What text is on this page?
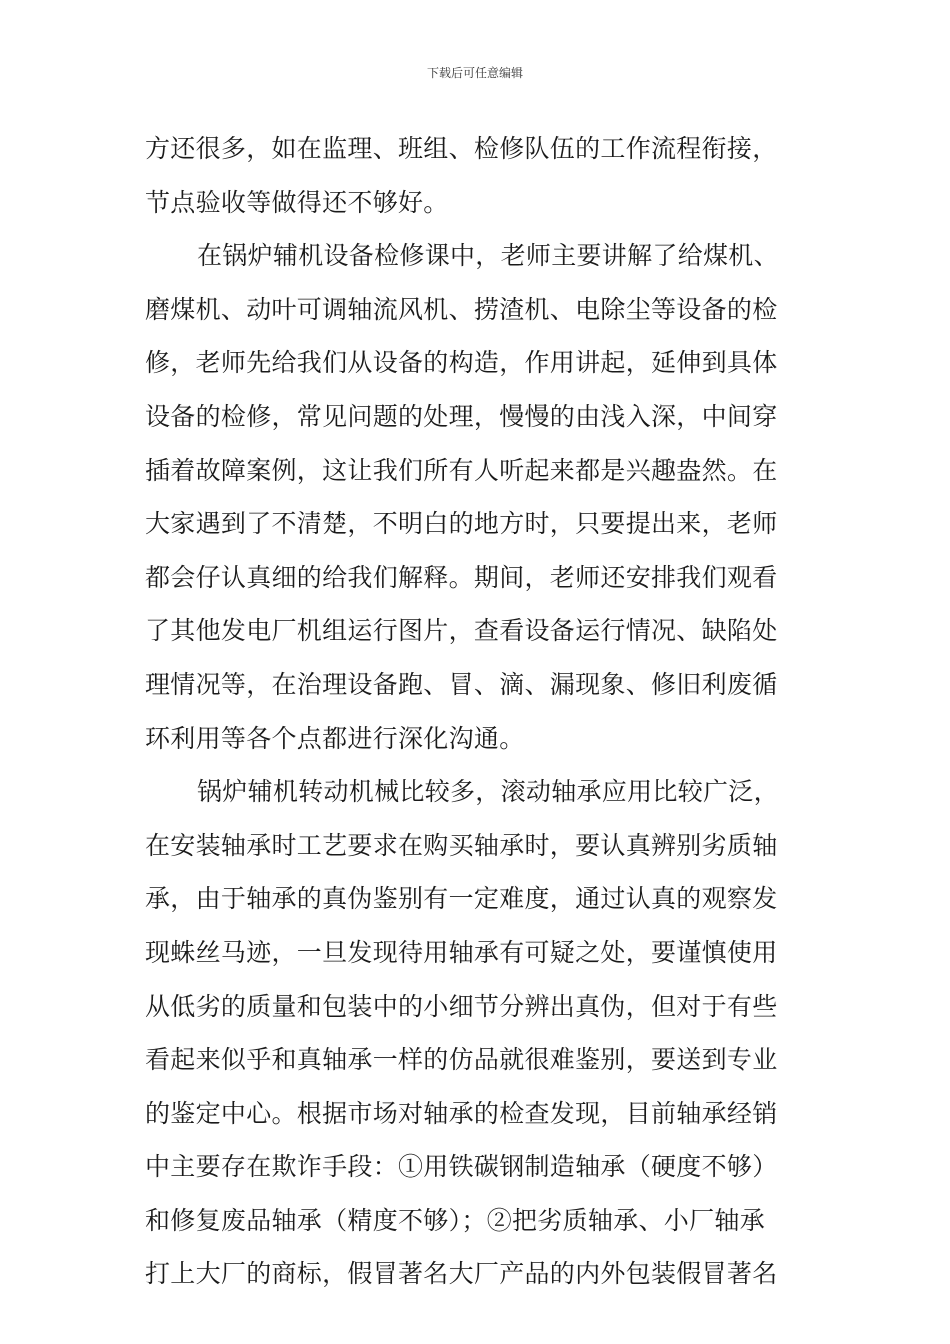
下载后可任意编辑
方还很多，如在监理、班组、检修队伍的工作流程衔接，
节点验收等做得还不够好。
在锅炉辅机设备检修课中，老师主要讲解了给煤机、
磨煤机、动叶可调轴流风机、捞渣机、电除尘等设备的检
修，老师先给我们从设备的构造，作用讲起，延伸到具体
设备的检修，常见问题的处理，慢慢的由浅入深，中间穿
插着故障案例，这让我们所有人听起来都是兴趣盎然。在
大家遇到了不清楚，不明白的地方时，只要提出来，老师
都会仔认真细的给我们解释。期间，老师还安排我们观看
了其他发电厂机组运行图片，查看设备运行情况、缺陷处
理情况等，在治理设备跑、冒、滴、漏现象、修旧利废循
环利用等各个点都进行深化沟通。
锅炉辅机转动机械比较多，滚动轴承应用比较广泛，
在安装轴承时工艺要求在购买轴承时，要认真辨别劣质轴
承，由于轴承的真伪鉴别有一定难度，通过认真的观察发
现蛛丝马迹，一旦发现待用轴承有可疑之处，要谨慎使用
从低劣的质量和包装中的小细节分辨出真伪，但对于有些
看起来似乎和真轴承一样的仿品就很难鉴别，要送到专业
的鉴定中心。根据市场对轴承的检查发现，目前轴承经销
中主要存在欺诈手段：①用铁碳钢制造轴承（硬度不够）
和修复废品轴承（精度不够）；②把劣质轴承、小厂轴承
打上大厂的商标，假冒著名大厂产品的内外包装假冒著名
